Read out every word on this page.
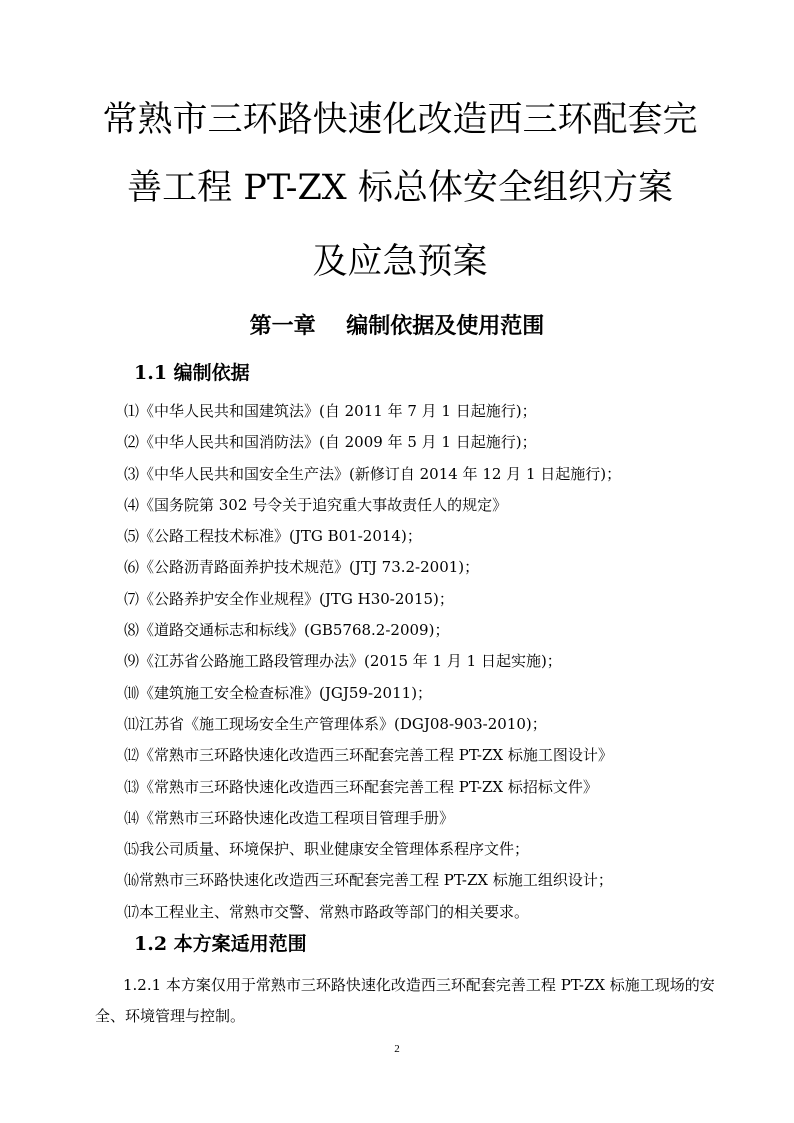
常熟市三环路快速化改造西三环配套完
善工程 PT-ZX 标总体安全组织方案
及应急预案
第一章    编制依据及使用范围
1.1 编制依据
⑴《中华人民共和国建筑法》(自 2011 年 7 月 1 日起施行)；
⑵《中华人民共和国消防法》(自 2009 年 5 月 1 日起施行)；
⑶《中华人民共和国安全生产法》(新修订自 2014 年 12 月 1 日起施行)；
⑷《国务院第 302 号令关于追究重大事故责任人的规定》
⑸《公路工程技术标准》(JTG B01-2014)；
⑹《公路沥青路面养护技术规范》(JTJ 73.2-2001)；
⑺《公路养护安全作业规程》(JTG H30-2015)；
⑻《道路交通标志和标线》(GB5768.2-2009)；
⑼《江苏省公路施工路段管理办法》(2015 年 1 月 1 日起实施)；
⑽《建筑施工安全检查标准》(JGJ59-2011)；
⑾江苏省《施工现场安全生产管理体系》(DGJ08-903-2010)；
⑿《常熟市三环路快速化改造西三环配套完善工程 PT-ZX 标施工图设计》
⒀《常熟市三环路快速化改造西三环配套完善工程 PT-ZX 标招标文件》
⒁《常熟市三环路快速化改造工程项目管理手册》
⒂我公司质量、环境保护、职业健康安全管理体系程序文件；
⒃常熟市三环路快速化改造西三环配套完善工程 PT-ZX 标施工组织设计；
⒄本工程业主、常熟市交警、常熟市路政等部门的相关要求。
1.2 本方案适用范围

1.2.1 本方案仅用于常熟市三环路快速化改造西三环配套完善工程 PT-ZX 标施工现场的安全、环境管理与控制。

2
